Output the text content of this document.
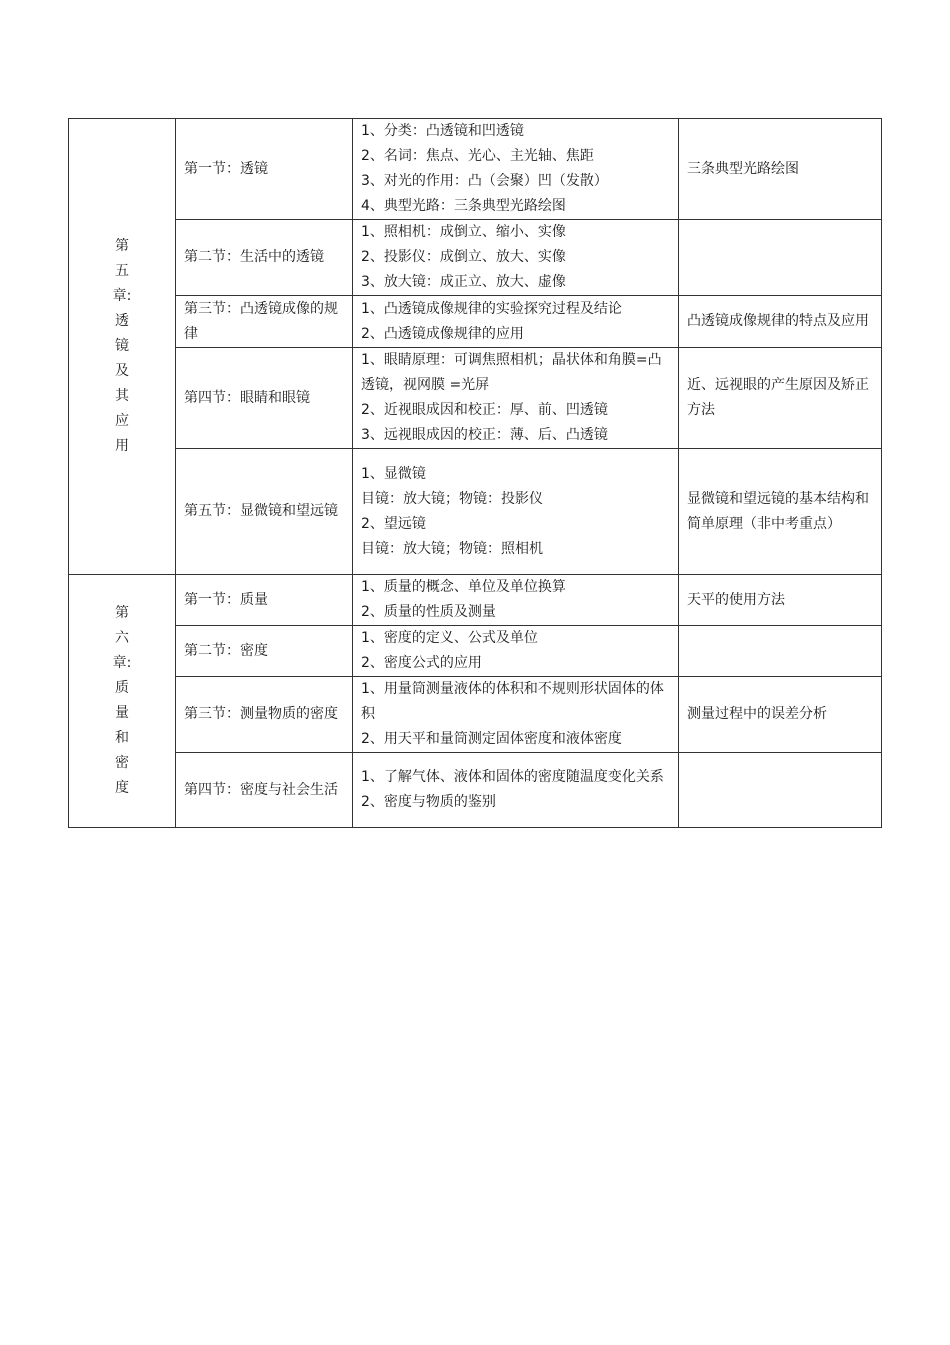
第五章:透镜及其应用	第一节：透镜	1、分类：凸透镜和凹透镜
2、名词：焦点、光心、主光轴、焦距
3、对光的作用：凸（会聚）凹（发散）
4、典型光路：三条典型光路绘图	三条典型光路绘图

	第二节：生活中的透镜	1、照相机：成倒立、缩小、实像
2、投影仪：成倒立、放大、实像
3、放大镜：成正立、放大、虚像	

	第三节：凸透镜成像的规律	1、凸透镜成像规律的实验探究过程及结论
2、凸透镜成像规律的应用	凸透镜成像规律的特点及应用

	第四节：眼睛和眼镜	1、眼睛原理：可调焦照相机；晶状体和角膜=凸透镜，视网膜 =光屏
2、近视眼成因和校正：厚、前、凹透镜
3、远视眼成因的校正：薄、后、凸透镜	近、远视眼的产生原因及矫正方法

	第五节：显微镜和望远镜	1、显微镜
目镜：放大镜；物镜：投影仪
2、望远镜
目镜：放大镜；物镜：照相机	显微镜和望远镜的基本结构和简单原理（非中考重点）

第六章:质量和密度	第一节：质量	1、质量的概念、单位及单位换算
2、质量的性质及测量	天平的使用方法

	第二节：密度	1、密度的定义、公式及单位
2、密度公式的应用	

	第三节：测量物质的密度	1、用量筒测量液体的体积和不规则形状固体的体积
2、用天平和量筒测定固体密度和液体密度	测量过程中的误差分析

	第四节：密度与社会生活	1、了解气体、液体和固体的密度随温度变化关系
2、密度与物质的鉴别	
